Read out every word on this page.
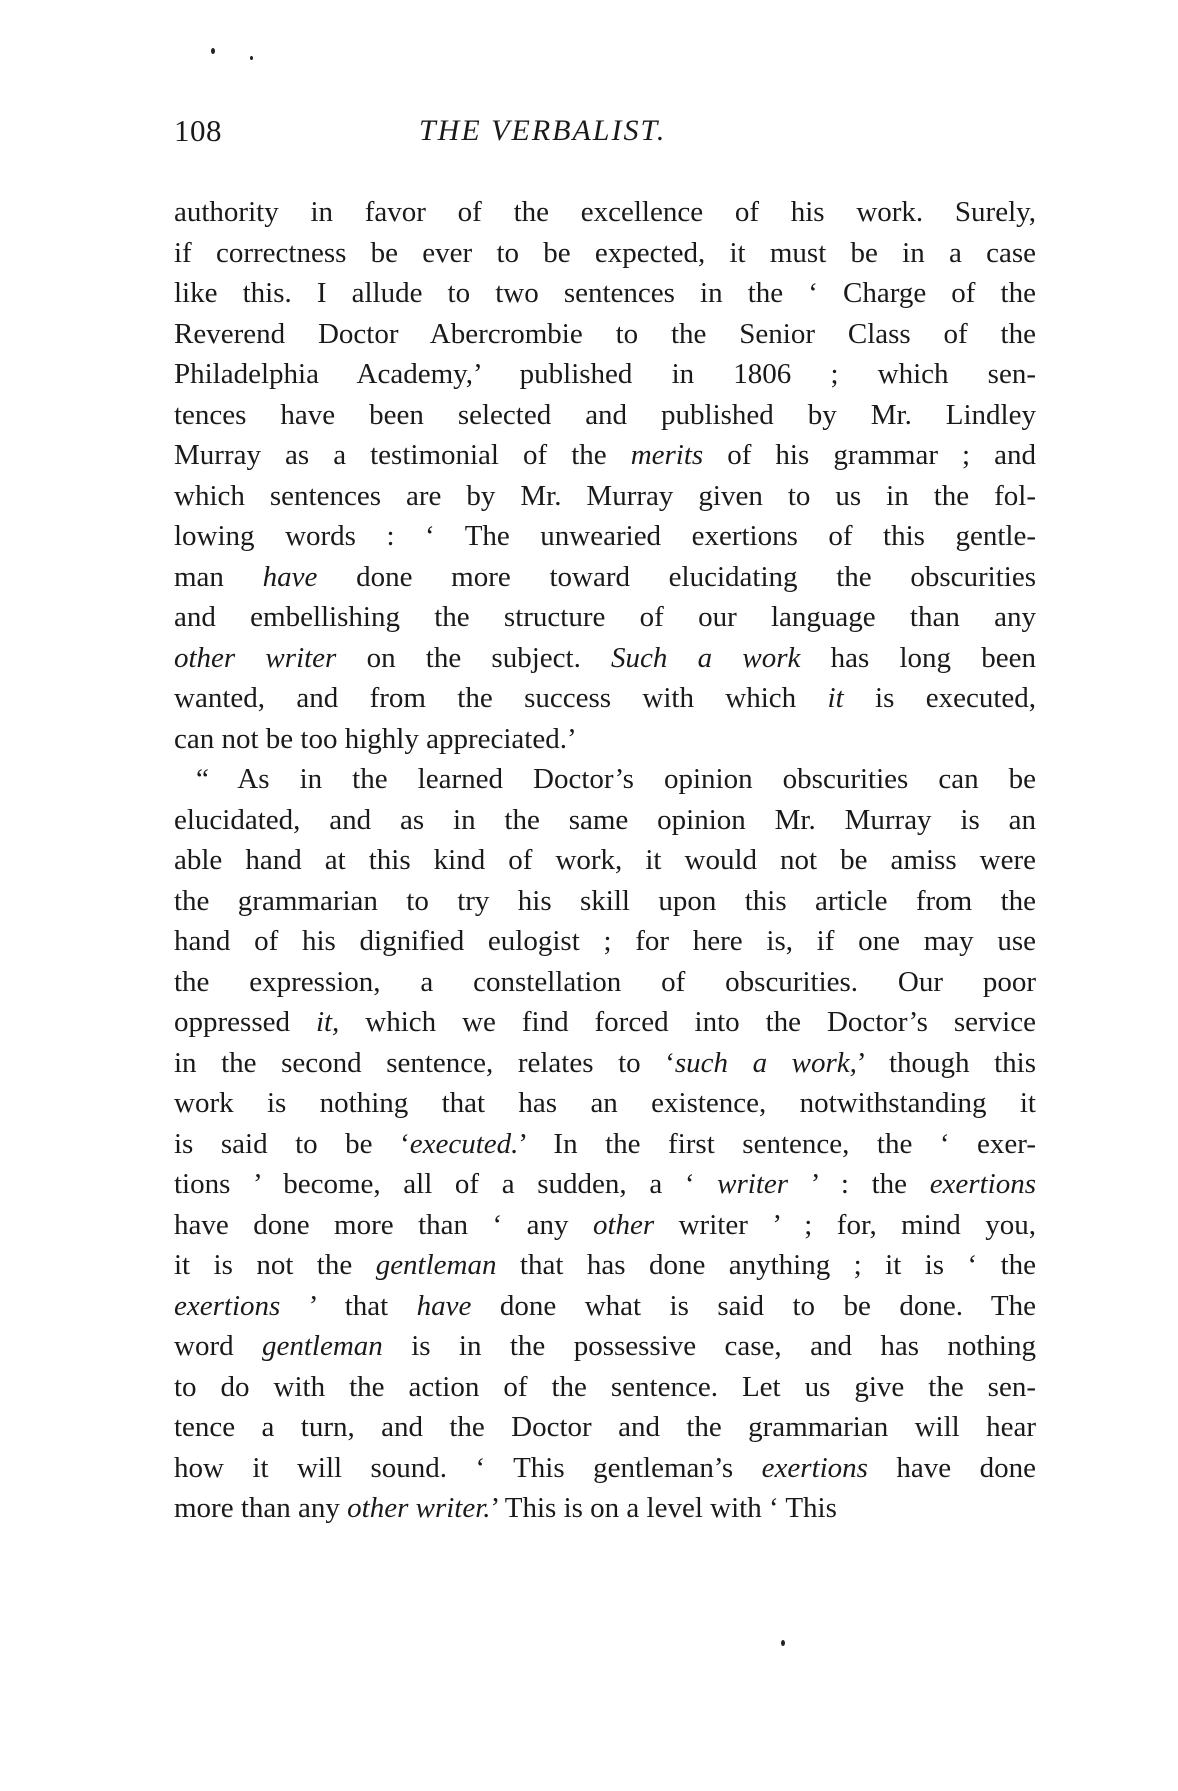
108	THE VERBALIST.
authority in favor of the excellence of his work. Surely,
if correctness be ever to be expected, it must be in a case
like this. I allude to two sentences in the ‘ Charge of the
Reverend Doctor Abercrombie to the Senior Class of the
Philadelphia Academy,’ published in 1806 ; which sen-
tences have been selected and published by Mr. Lindley
Murray as a testimonial of the merits of his grammar ; and
which sentences are by Mr. Murray given to us in the fol-
lowing words : ‘ The unwearied exertions of this gentle-
man have done more toward elucidating the obscurities
and embellishing the structure of our language than any
other writer on the subject. Such a work has long been
wanted, and from the success with which it is executed,
can not be too highly appreciated.’
“ As in the learned Doctor’s opinion obscurities can be
elucidated, and as in the same opinion Mr. Murray is an
able hand at this kind of work, it would not be amiss were
the grammarian to try his skill upon this article from the
hand of his dignified eulogist ; for here is, if one may use
the expression, a constellation of obscurities. Our poor
oppressed it, which we find forced into the Doctor’s service
in the second sentence, relates to ‘such a work,’ though this
work is nothing that has an existence, notwithstanding it
is said to be ‘executed.’ In the first sentence, the ‘ exer-
tions ’ become, all of a sudden, a ‘ writer ’ : the exertions
have done more than ‘ any other writer ’ ; for, mind you,
it is not the gentleman that has done anything ; it is ‘ the
exertions ’ that have done what is said to be done. The
word gentleman is in the possessive case, and has nothing
to do with the action of the sentence. Let us give the sen-
tence a turn, and the Doctor and the grammarian will hear
how it will sound. ‘ This gentleman’s exertions have done
more than any other writer.’ This is on a level with ‘ This
